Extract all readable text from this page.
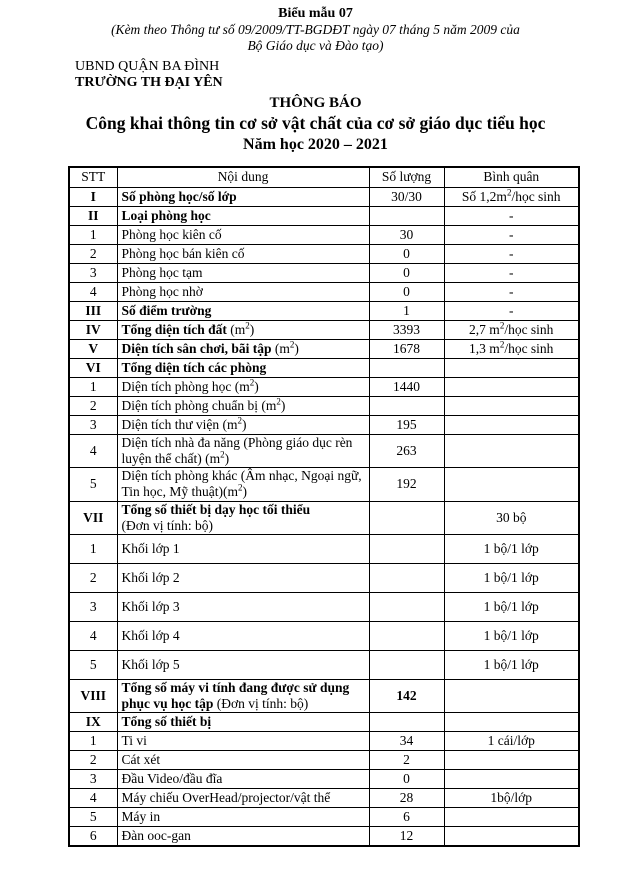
Biểu mẫu 07
(Kèm theo Thông tư số 09/2009/TT-BGDĐT ngày 07 tháng 5 năm 2009 của
Bộ Giáo dục và Đào tạo)
UBND QUẬN BA ĐÌNH
TRƯỜNG TH ĐẠI YÊN
THÔNG BÁO
Công khai thông tin cơ sở vật chất của cơ sở giáo dục tiểu học
Năm học 2020 – 2021
STT	Nội dung	Số lượng	Bình quân
I	Số phòng học/số lớp	30/30	Số $1,2m^2$/học sinh
II	Loại phòng học		-
1	Phòng học kiên cố	30	-
2	Phòng học bán kiên cố	0	-
3	Phòng học tạm	0	-
4	Phòng học nhờ	0	-
III	Số điểm trường	1	-
IV	Tổng diện tích đất $(m^2)$	3393	2,7 $m^2$/học sinh
V	Diện tích sân chơi, bãi tập $(m^2)$	1678	1,3 $m^2$/học sinh
VI	Tổng diện tích các phòng		
1	Diện tích phòng học $(m^2)$	1440	
2	Diện tích phòng chuẩn bị $(m^2)$		
3	Diện tích thư viện $(m^2)$	195	
4	Diện tích nhà đa năng (Phòng giáo dục rèn luyện thể chất) $(m^2)$	263	
5	Diện tích phòng khác (Âm nhạc, Ngoại ngữ, Tin học, Mỹ $thuật)(m^2)$	192	
VII	Tổng số thiết bị dạy học tối thiểu
(Đơn vị tính: bộ)		30 bộ
1	Khối lớp 1		1 bộ/1 lớp
2	Khối lớp 2		1 bộ/1 lớp
3	Khối lớp 3		1 bộ/1 lớp
4	Khối lớp 4		1 bộ/1 lớp
5	Khối lớp 5		1 bộ/1 lớp
VIII	Tổng số máy vi tính đang được sử dụng phục vụ học tập (Đơn vị tính: bộ)	142	
IX	Tổng số thiết bị		
1	Ti vi	34	1 cái/lớp
2	Cát xét	2	
3	Đầu Video/đầu đĩa	0	
4	Máy chiếu OverHead/projector/vật thể	28	1bộ/lớp
5	Máy in	6	
6	Đàn ooc-gan	12	
